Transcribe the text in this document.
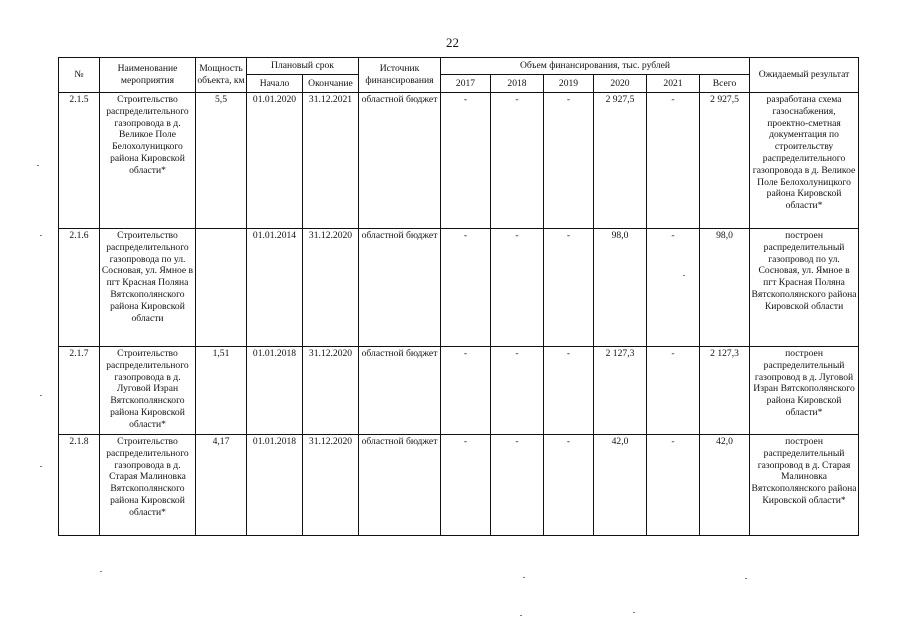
22
№	Наименование мероприятия	Мощность объекта, км	Плановый срок		Источник финансирования	Объем финансирования, тыс. рублей						Ожидаемый результат
			Начало	Окончание		2017	2018	2019	2020	2021	Всего	
2.1.5	Строительство распределительного газопровода в д. Великое Поле Белохолуницкого района Кировской области*	5,5	01.01.2020	31.12.2021	областной бюджет	-	-	-	2 927,5	-	2 927,5	разработана схема газоснабжения, проектно-сметная документация по строительству распределительного газопровода в д. Великое Поле Белохолуницкого района Кировской области*
2.1.6	Строительство распределительного газопровода по ул. Сосновая, ул. Ямное в пгт Красная Поляна Вятскополянского района Кировской области		01.01.2014	31.12.2020	областной бюджет	-	-	-	98,0	-	98,0	построен распределительный газопровод по ул. Сосновая, ул. Ямное в пгт Красная Поляна Вятскополянского района Кировской области
2.1.7	Строительство распределительного газопровода в д. Луговой Изран Вятскополянского района Кировской области*	1,51	01.01.2018	31.12.2020	областной бюджет	-	-	-	2 127,3	-	2 127,3	построен распределительный газопровод в д. Луговой Изран Вятскополянского района Кировской области*
2.1.8	Строительство распределительного газопровода в д. Старая Малиновка Вятскополянского района Кировской области*	4,17	01.01.2018	31.12.2020	областной бюджет	-	-	-	42,0	-	42,0	построен распределительный газопровод в д. Старая Малиновка Вятскополянского района Кировской области*
